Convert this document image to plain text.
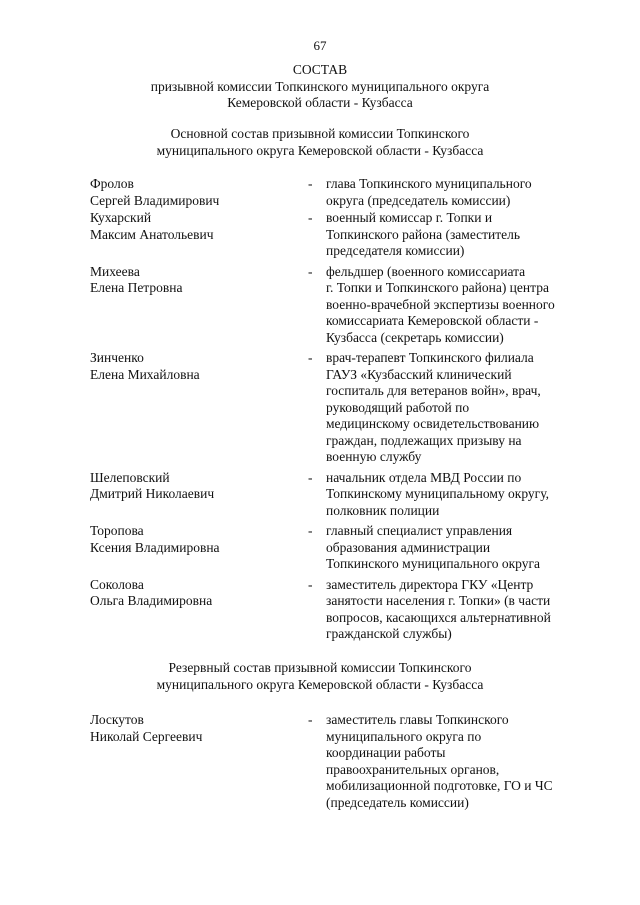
67
СОСТАВ
призывной комиссии Топкинского муниципального округа
Кемеровской области - Кузбасса
Основной состав призывной комиссии Топкинского
муниципального округа Кемеровской области - Кузбасса
Фролов
Сергей Владимирович
-	глава Топкинского муниципального
округа (председатель комиссии)
Кухарский
Максим Анатольевич
-	военный комиссар г. Топки и
Топкинского района (заместитель
председателя комиссии)
Михеева
Елена Петровна
-	фельдшер (военного комиссариата
г. Топки и Топкинского района) центра
военно-врачебной экспертизы военного
комиссариата Кемеровской области -
Кузбасса (секретарь комиссии)
Зинченко
Елена Михайловна
-	врач-терапевт Топкинского филиала
ГАУЗ «Кузбасский клинический
госпиталь для ветеранов войн», врач,
руководящий работой по
медицинскому освидетельствованию
граждан, подлежащих призыву на
военную службу
Шелеповский
Дмитрий Николаевич
-	начальник отдела МВД России по
Топкинскому муниципальному округу,
полковник полиции
Торопова
Ксения Владимировна
-	главный специалист управления
образования администрации
Топкинского муниципального округа
Соколова
Ольга Владимировна
-	заместитель директора ГКУ «Центр
занятости населения г. Топки» (в части
вопросов, касающихся альтернативной
гражданской службы)
Резервный состав призывной комиссии Топкинского
муниципального округа Кемеровской области - Кузбасса
Лоскутов
Николай Сергеевич
-	заместитель главы Топкинского
муниципального округа по
координации работы
правоохранительных органов,
мобилизационной подготовке, ГО и ЧС
(председатель комиссии)
